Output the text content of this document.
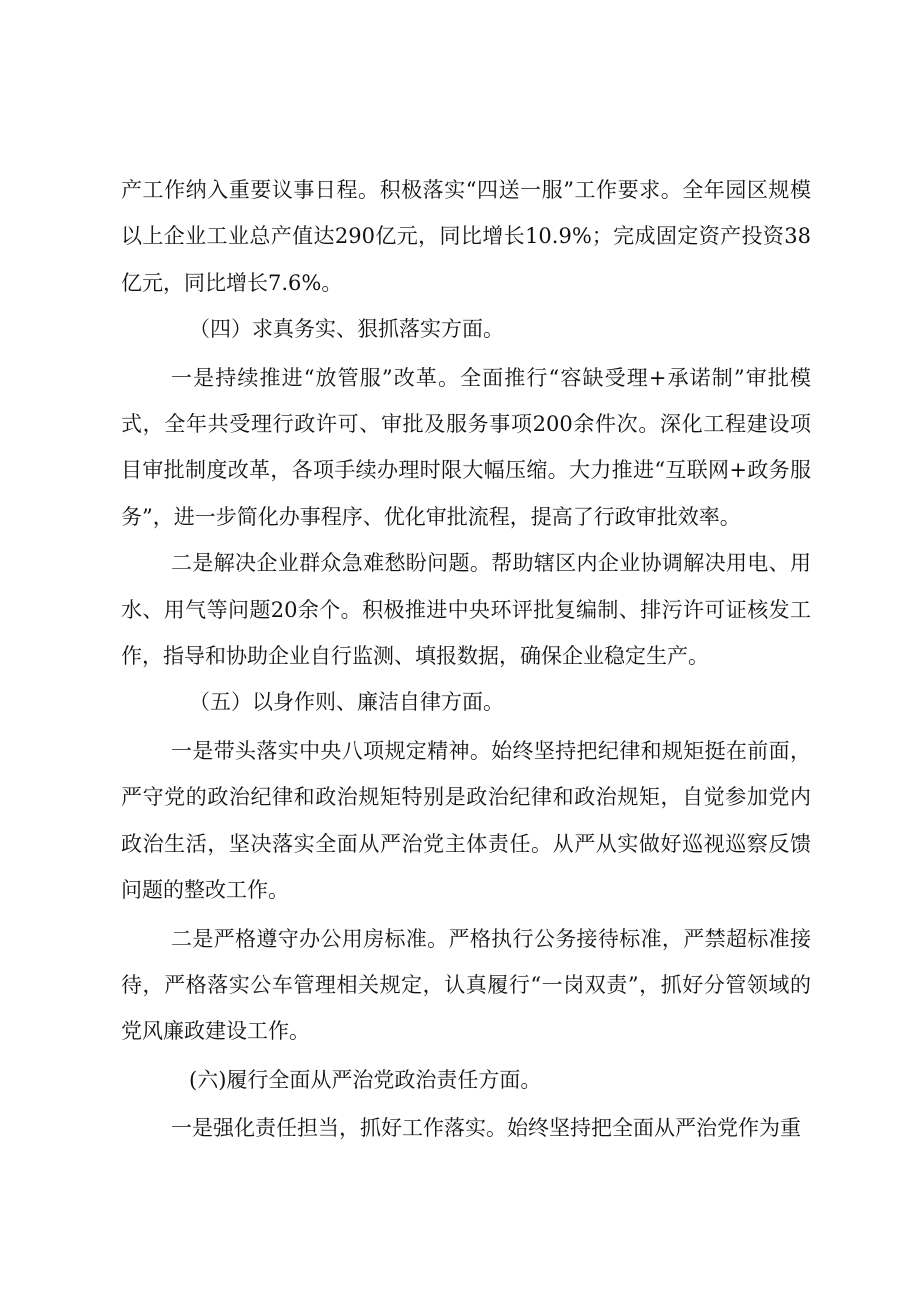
产工作纳入重要议事日程。积极落实“四送一服”工作要求。全年园区规模以上企业工业总产值达290亿元，同比增长10.9%；完成固定资产投资38亿元，同比增长7.6%。

（四）求真务实、狠抓落实方面。

一是持续推进“放管服”改革。全面推行“容缺受理+承诺制”审批模式，全年共受理行政许可、审批及服务事项200余件次。深化工程建设项目审批制度改革，各项手续办理时限大幅压缩。大力推进“互联网+政务服务”，进一步简化办事程序、优化审批流程，提高了行政审批效率。

二是解决企业群众急难愁盼问题。帮助辖区内企业协调解决用电、用水、用气等问题20余个。积极推进中央环评批复编制、排污许可证核发工作，指导和协助企业自行监测、填报数据，确保企业稳定生产。

（五）以身作则、廉洁自律方面。

一是带头落实中央八项规定精神。始终坚持把纪律和规矩挺在前面，严守党的政治纪律和政治规矩特别是政治纪律和政治规矩，自觉参加党内政治生活，坚决落实全面从严治党主体责任。从严从实做好巡视巡察反馈问题的整改工作。

二是严格遵守办公用房标准。严格执行公务接待标准，严禁超标准接待，严格落实公车管理相关规定，认真履行“一岗双责”，抓好分管领域的党风廉政建设工作。

(六)履行全面从严治党政治责任方面。

一是强化责任担当，抓好工作落实。始终坚持把全面从严治党作为重
